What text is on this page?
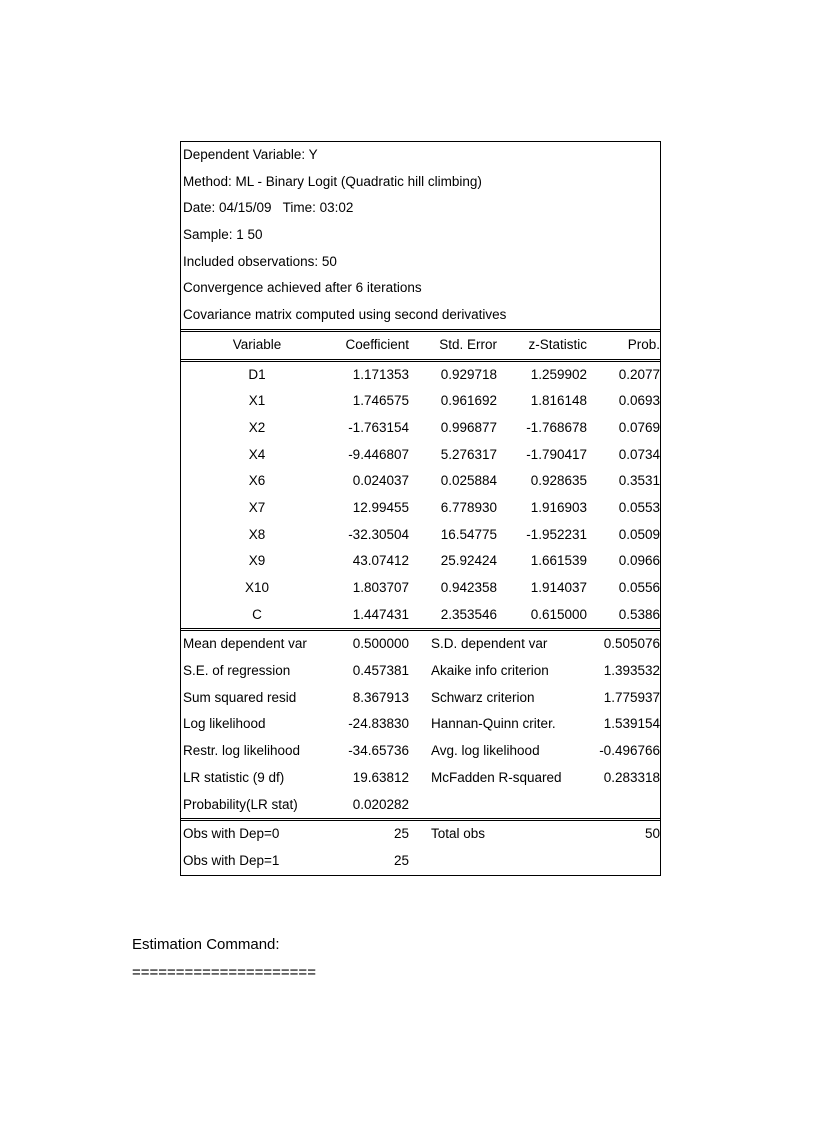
Dependent Variable: Y
Method: ML - Binary Logit (Quadratic hill climbing)
Date: 04/15/09   Time: 03:02
Sample: 1 50
Included observations: 50
Convergence achieved after 6 iterations
Covariance matrix computed using second derivatives
Variable	Coefficient	Std. Error	z-Statistic	Prob.
D1	1.171353	0.929718	1.259902	0.2077
X1	1.746575	0.961692	1.816148	0.0693
X2	-1.763154	0.996877	-1.768678	0.0769
X4	-9.446807	5.276317	-1.790417	0.0734
X6	0.024037	0.025884	0.928635	0.3531
X7	12.99455	6.778930	1.916903	0.0553
X8	-32.30504	16.54775	-1.952231	0.0509
X9	43.07412	25.92424	1.661539	0.0966
X10	1.803707	0.942358	1.914037	0.0556
C	1.447431	2.353546	0.615000	0.5386
Mean dependent var	0.500000 S.D. dependent var	0.505076
S.E. of regression	0.457381 Akaike info criterion	1.393532
Sum squared resid	8.367913 Schwarz criterion	1.775937
Log likelihood	-24.83830 Hannan-Quinn criter.	1.539154
Restr. log likelihood	-34.65736 Avg. log likelihood	-0.496766
LR statistic (9 df)	19.63812 McFadden R-squared	0.283318
Probability(LR stat)	0.020282
Obs with Dep=0	25 Total obs	50
Obs with Dep=1	25
Estimation Command:
=====================
